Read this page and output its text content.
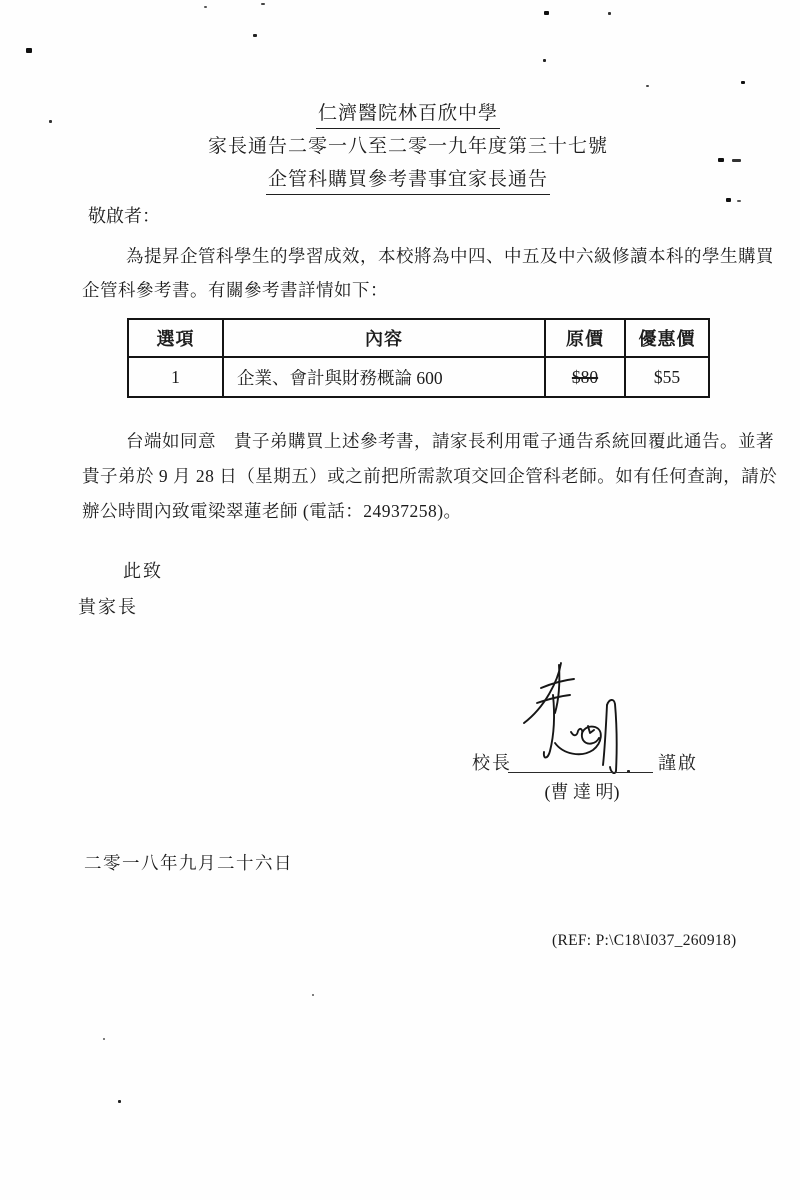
仁濟醫院林百欣中學
家長通告二零一八至二零一九年度第三十七號
企管科購買參考書事宜家長通告
敬啟者：
為提昇企管科學生的學習成效，本校將為中四、中五及中六級修讀本科的學生購買
企管科參考書。有關參考書詳情如下：
選項	內容	原價	優惠價
1	企業、會計與財務概論 600	$80	$55
台端如同意　貴子弟購買上述參考書，請家長利用電子通告系統回覆此通告。並著
貴子弟於 9 月 28 日（星期五）或之前把所需款項交回企管科老師。如有任何查詢，請於
辦公時間內致電梁翠蓮老師 (電話：24937258)。
此致
貴家長
校長	謹啟
(曹 達 明)
二零一八年九月二十六日
(REF: P:\C18\I037_260918)
